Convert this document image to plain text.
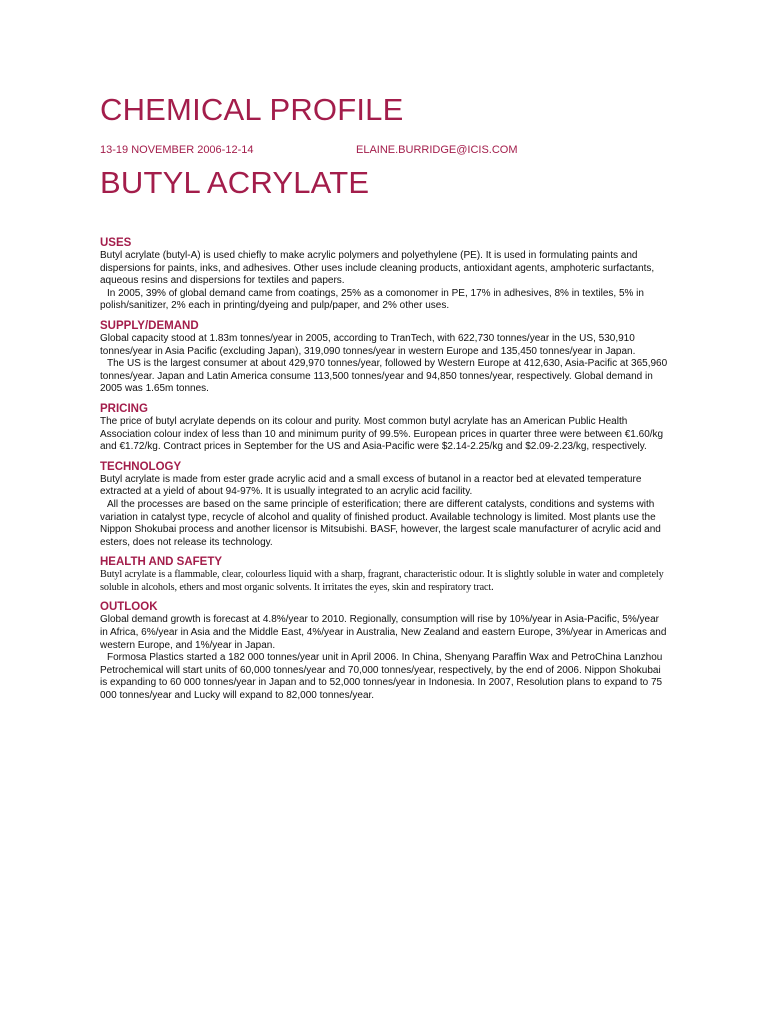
CHEMICAL PROFILE
13-19 NOVEMBER 2006-12-14	ELAINE.BURRIDGE@ICIS.COM
BUTYL ACRYLATE
USES

Butyl acrylate (butyl-A) is used chiefly to make acrylic polymers and polyethylene (PE). It is used in formulating paints and dispersions for paints, inks, and adhesives. Other uses include cleaning products, antioxidant agents, amphoteric surfactants, aqueous resins and dispersions for textiles and papers.

In 2005, 39% of global demand came from coatings, 25% as a comonomer in PE, 17% in adhesives, 8% in textiles, 5% in polish/sanitizer, 2% each in printing/dyeing and pulp/paper, and 2% other uses.

SUPPLY/DEMAND

Global capacity stood at 1.83m tonnes/year in 2005, according to TranTech, with 622,730 tonnes/year in the US, 530,910 tonnes/year in Asia Pacific (excluding Japan), 319,090 tonnes/year in western Europe and 135,450 tonnes/year in Japan.

The US is the largest consumer at about 429,970 tonnes/year, followed by Western Europe at 412,630, Asia-Pacific at 365,960 tonnes/year. Japan and Latin America consume 113,500 tonnes/year and 94,850 tonnes/year, respectively. Global demand in 2005 was 1.65m tonnes.

PRICING

The price of butyl acrylate depends on its colour and purity. Most common butyl acrylate has an American Public Health Association colour index of less than 10 and minimum purity of 99.5%. European prices in quarter three were between €1.60/kg and €1.72/kg. Contract prices in September for the US and Asia-Pacific were $2.14-2.25/kg and $2.09-2.23/kg, respectively.

TECHNOLOGY

Butyl acrylate is made from ester grade acrylic acid and a small excess of butanol in a reactor bed at elevated temperature extracted at a yield of about 94-97%. It is usually integrated to an acrylic acid facility.

All the processes are based on the same principle of esterification; there are different catalysts, conditions and systems with variation in catalyst type, recycle of alcohol and quality of finished product. Available technology is limited. Most plants use the Nippon Shokubai process and another licensor is Mitsubishi. BASF, however, the largest scale manufacturer of acrylic acid and esters, does not release its technology.

HEALTH AND SAFETY

Butyl acrylate is a flammable, clear, colourless liquid with a sharp, fragrant, characteristic odour. It is slightly soluble in water and completely soluble in alcohols, ethers and most organic solvents. It irritates the eyes, skin and respiratory tract.

OUTLOOK

Global demand growth is forecast at 4.8%/year to 2010. Regionally, consumption will rise by 10%/year in Asia-Pacific, 5%/year in Africa, 6%/year in Asia and the Middle East, 4%/year in Australia, New Zealand and eastern Europe, 3%/year in Americas and western Europe, and 1%/year in Japan.

Formosa Plastics started a 182 000 tonnes/year unit in April 2006. In China, Shenyang Paraffin Wax and PetroChina Lanzhou Petrochemical will start units of 60,000 tonnes/year and 70,000 tonnes/year, respectively, by the end of 2006. Nippon Shokubai is expanding to 60 000 tonnes/year in Japan and to 52,000 tonnes/year in Indonesia. In 2007, Resolution plans to expand to 75 000 tonnes/year and Lucky will expand to 82,000 tonnes/year.
